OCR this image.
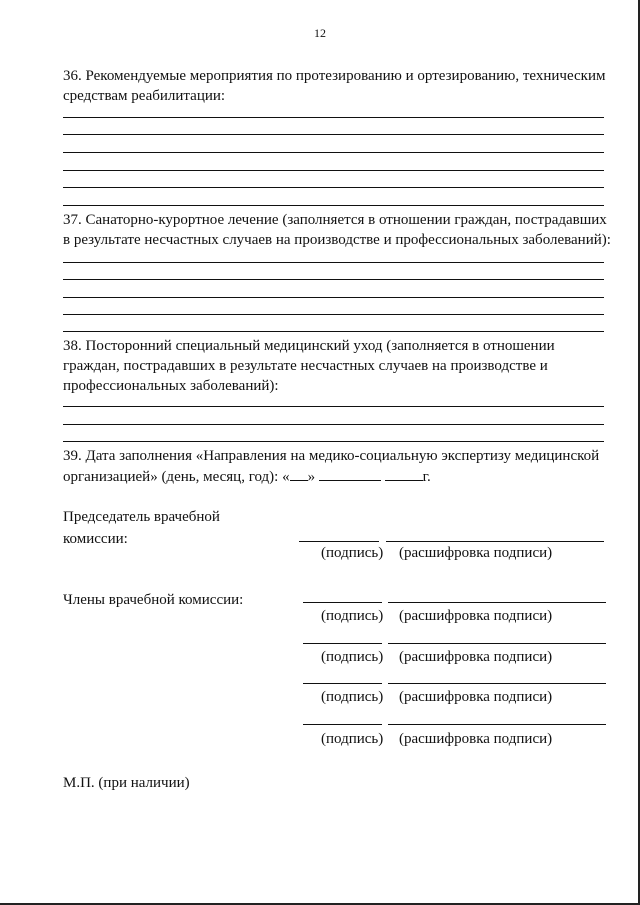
12

36. Рекомендуемые мероприятия по протезированию и ортезированию, техническим средствам реабилитации:

37. Санаторно-курортное лечение (заполняется в отношении граждан, пострадавших в результате несчастных случаев на производстве и профессиональных заболеваний):

38. Посторонний специальный медицинский уход (заполняется в отношении граждан, пострадавших в результате несчастных случаев на производстве и профессиональных заболеваний):

39. Дата заполнения «Направления на медико-социальную экспертизу медицинской организацией» (день, месяц, год): « »	г.

Председатель врачебной
комиссии:
(подпись) (расшифровка подписи)
Члены врачебной комиссии:
(подпись) (расшифровка подписи)
(подпись) (расшифровка подписи)
(подпись) (расшифровка подписи)
(подпись) (расшифровка подписи)
М.П. (при наличии)
